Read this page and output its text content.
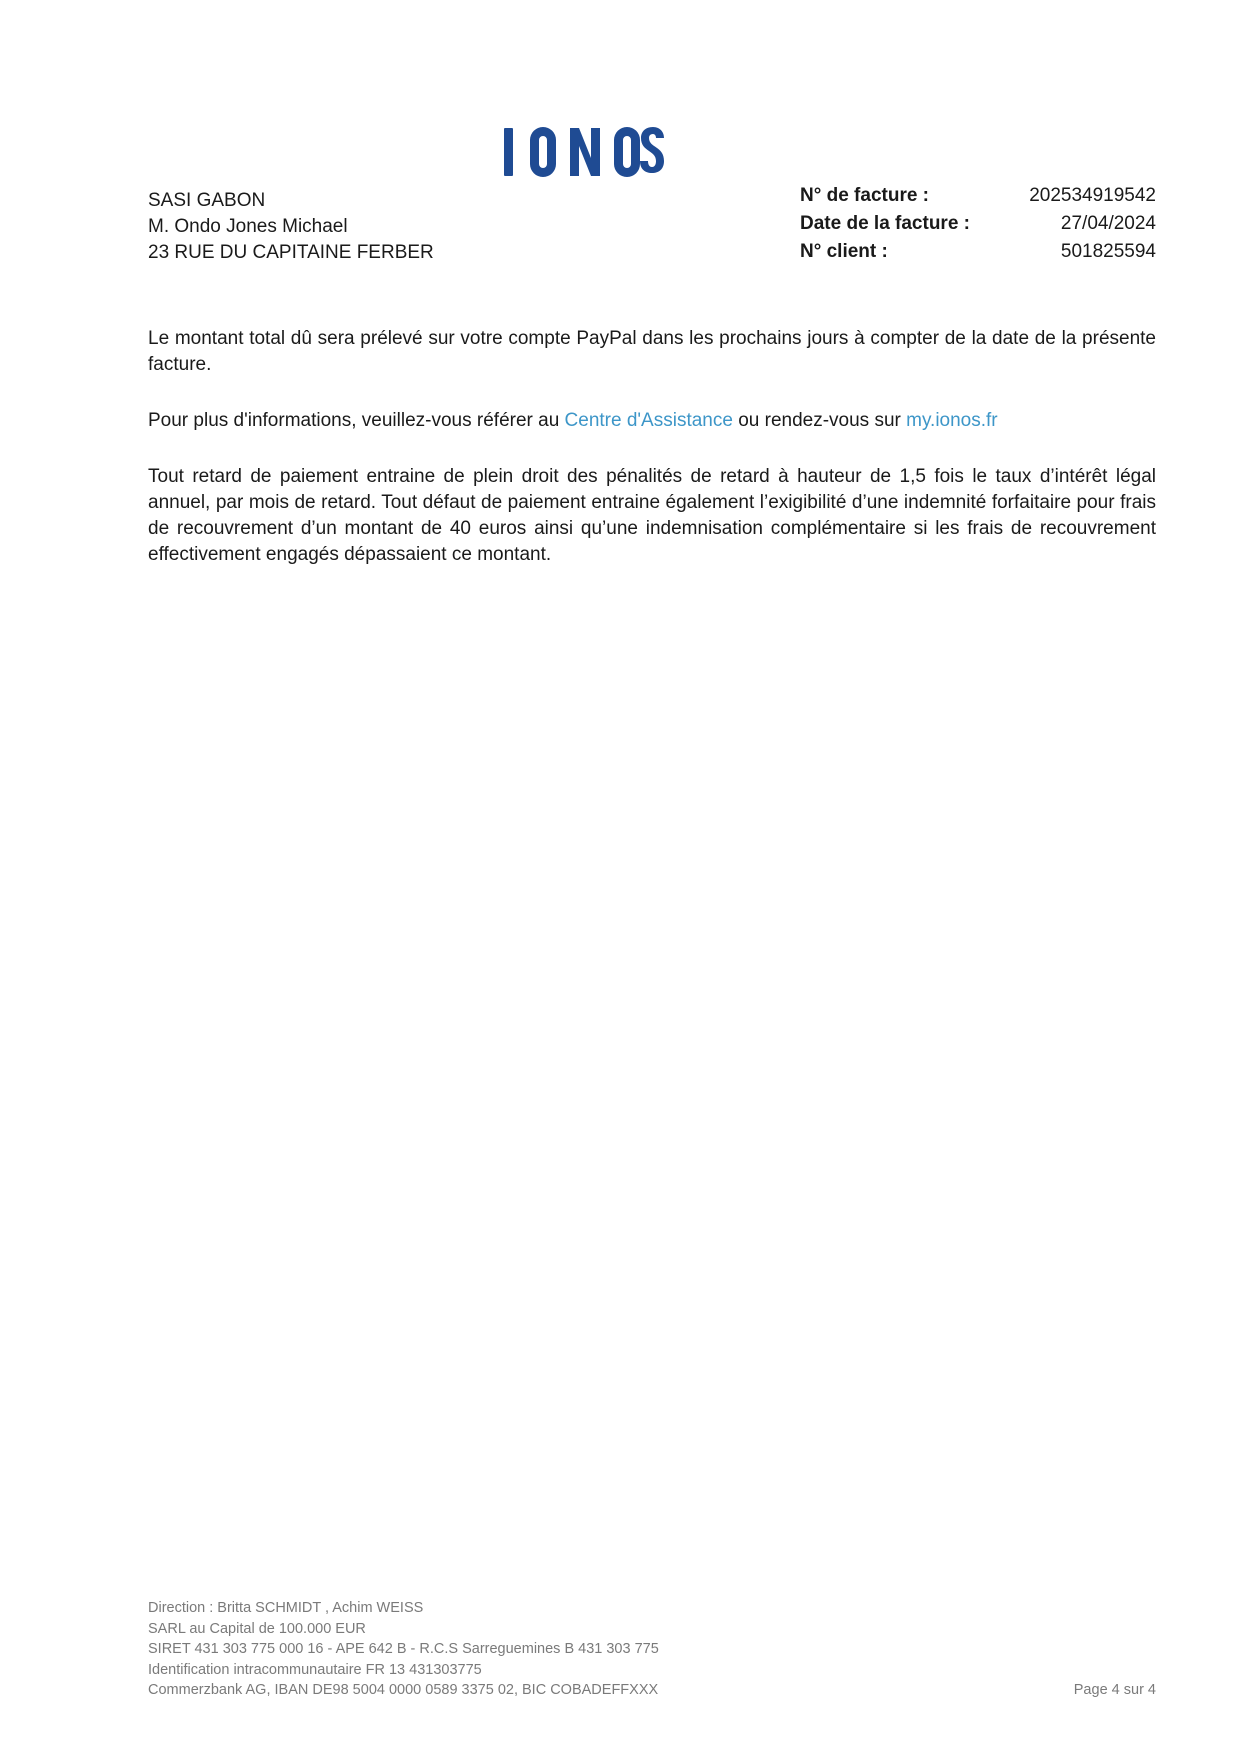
SASI GABON
M. Ondo Jones Michael
23 RUE DU CAPITAINE FERBER
N° de facture :	202534919542
Date de la facture :	27/04/2024
N° client :	501825594

Le montant total dû sera prélevé sur votre compte PayPal dans les prochains jours à compter de la date de la présente facture.

Pour plus d'informations, veuillez-vous référer au Centre d'Assistance ou rendez-vous sur my.ionos.fr

Tout retard de paiement entraine de plein droit des pénalités de retard à hauteur de 1,5 fois le taux d’intérêt légal annuel, par mois de retard. Tout défaut de paiement entraine également l’exigibilité d’une indemnité forfaitaire pour frais de recouvrement d’un montant de 40 euros ainsi qu’une indemnisation complémentaire si les frais de recouvrement effectivement engagés dépassaient ce montant.

Direction : Britta SCHMIDT , Achim WEISS
SARL au Capital de 100.000 EUR
SIRET 431 303 775 000 16 - APE 642 B - R.C.S Sarreguemines B 431 303 775
Identification intracommunautaire FR 13 431303775
Commerzbank AG, IBAN DE98 5004 0000 0589 3375 02, BIC COBADEFFXXX	Page 4 sur 4
